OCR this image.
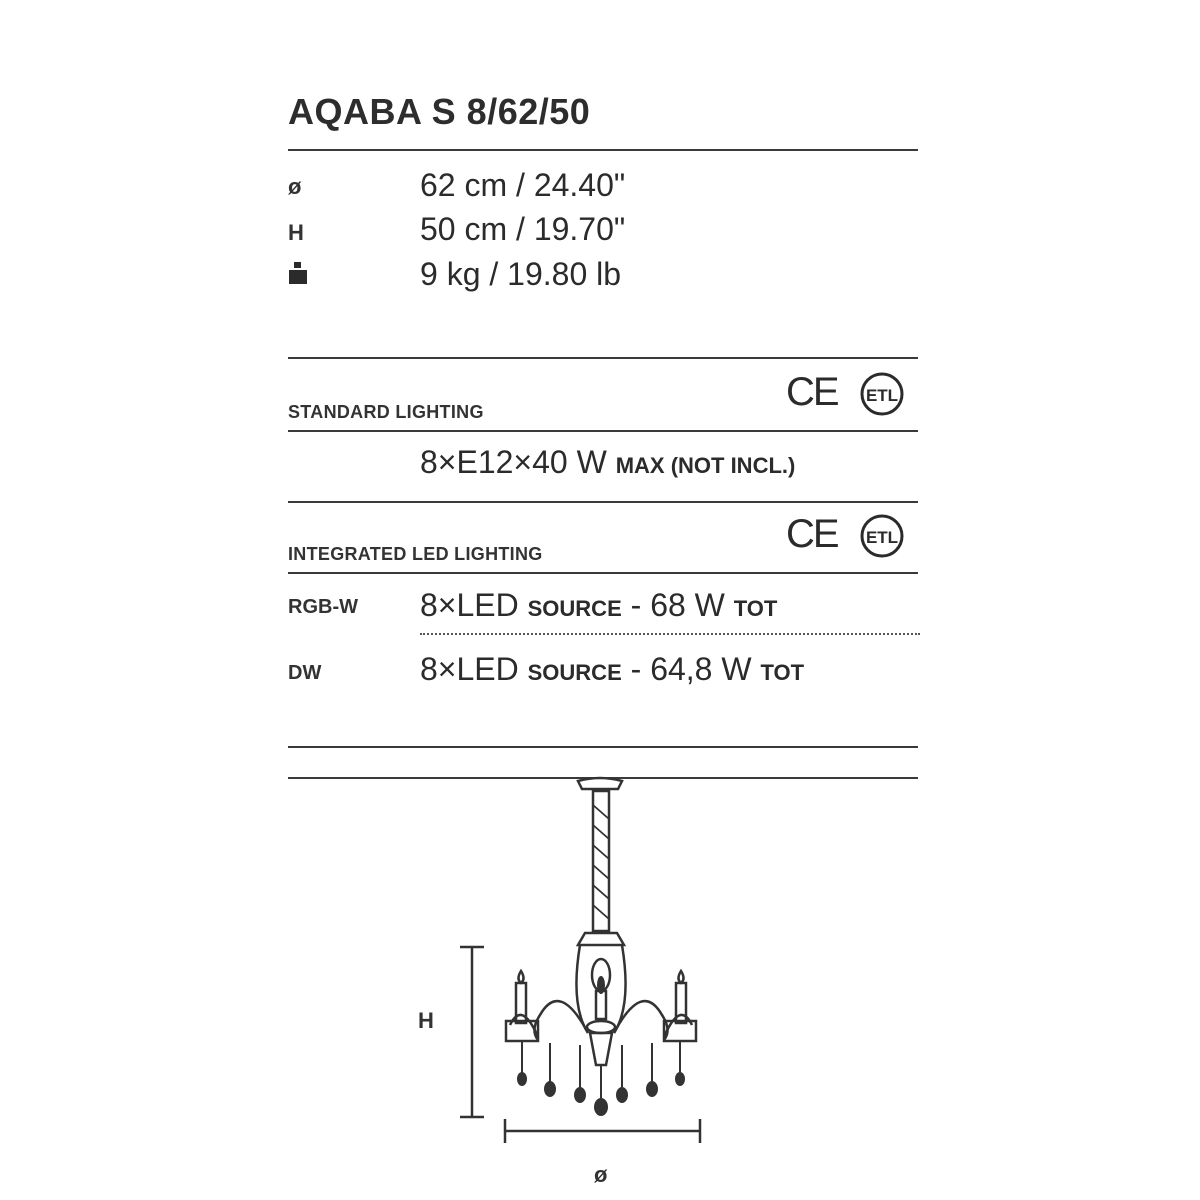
AQABA S 8/62/50
ø	62 cm / 24.40"
H	50 cm / 19.70"
9 kg / 19.80 lb
CE ETL
STANDARD LIGHTING
8×E12×40 W MAX (NOT INCL.)
CE ETL
INTEGRATED LED LIGHTING
RGB-W 8×LED SOURCE - 68 W TOT
DW	8×LED SOURCE - 64,8 W TOT
H
ø
